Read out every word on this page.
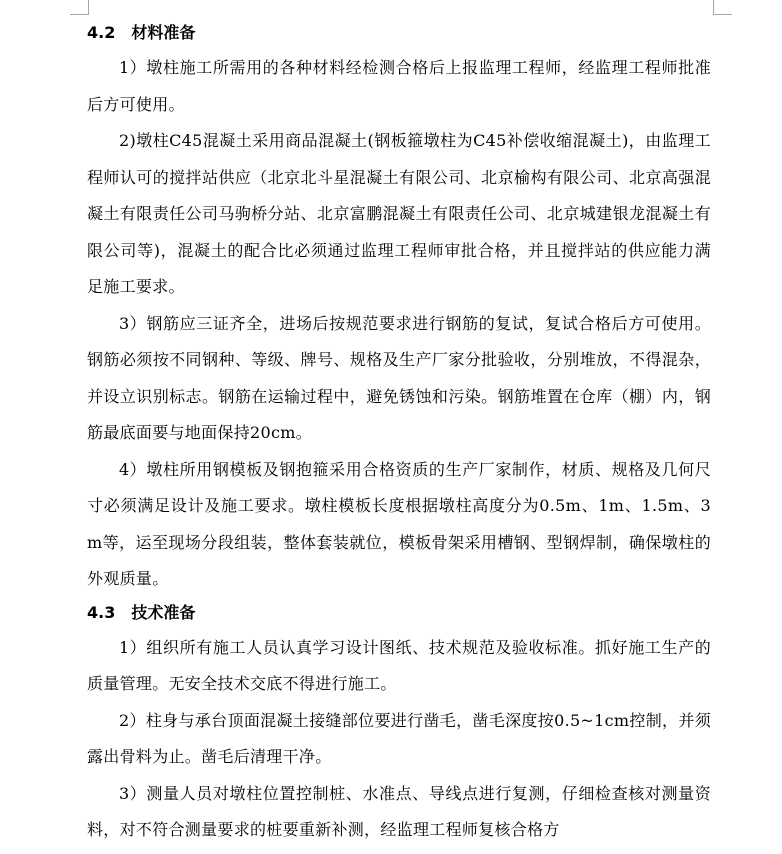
4.2　材料准备

1）墩柱施工所需用的各种材料经检测合格后上报监理工程师，经监理工程师批准后方可使用。

2)墩柱C45混凝土采用商品混凝土(钢板箍墩柱为C45补偿收缩混凝土)，由监理工程师认可的搅拌站供应（北京北斗星混凝土有限公司、北京榆构有限公司、北京高强混凝土有限责任公司马驹桥分站、北京富鹏混凝土有限责任公司、北京城建银龙混凝土有限公司等)，混凝土的配合比必须通过监理工程师审批合格，并且搅拌站的供应能力满足施工要求。

3）钢筋应三证齐全，进场后按规范要求进行钢筋的复试，复试合格后方可使用。钢筋必须按不同钢种、等级、牌号、规格及生产厂家分批验收，分别堆放，不得混杂，并设立识别标志。钢筋在运输过程中，避免锈蚀和污染。钢筋堆置在仓库（棚）内，钢筋最底面要与地面保持20cm。

4）墩柱所用钢模板及钢抱箍采用合格资质的生产厂家制作，材质、规格及几何尺寸必须满足设计及施工要求。墩柱模板长度根据墩柱高度分为0.5m、1m、1.5m、3m等，运至现场分段组装，整体套装就位，模板骨架采用槽钢、型钢焊制，确保墩柱的外观质量。

4.3　技术准备

1）组织所有施工人员认真学习设计图纸、技术规范及验收标准。抓好施工生产的质量管理。无安全技术交底不得进行施工。

2）柱身与承台顶面混凝土接缝部位要进行凿毛，凿毛深度按0.5~1cm控制，并须露出骨料为止。凿毛后清理干净。

3）测量人员对墩柱位置控制桩、水准点、导线点进行复测，仔细检查核对测量资料，对不符合测量要求的桩要重新补测，经监理工程师复核合格方
